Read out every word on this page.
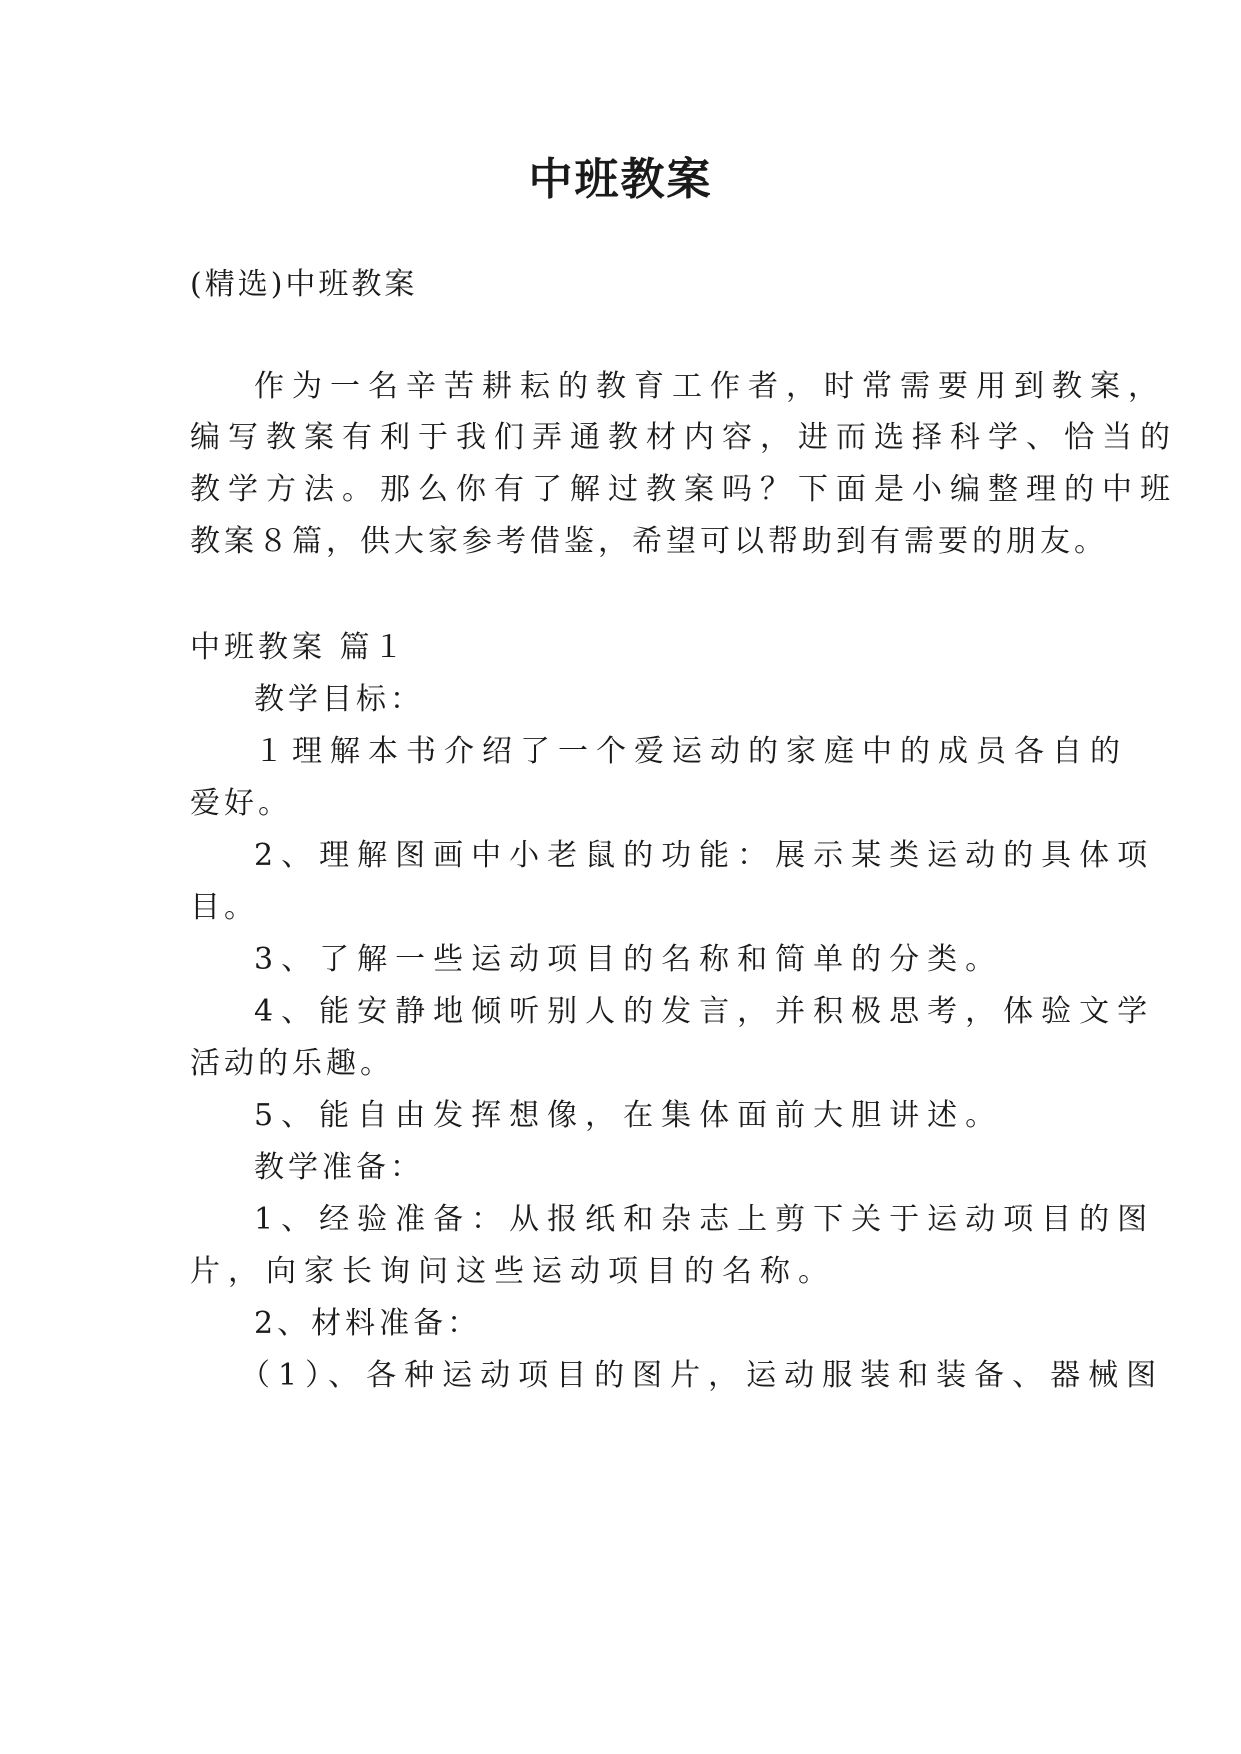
中班教案
(精选)中班教案
作为一名辛苦耕耘的教育工作者，时常需要用到教案，
编写教案有利于我们弄通教材内容，进而选择科学、恰当的
教学方法。那么你有了解过教案吗？下面是小编整理的中班
教案８篇，供大家参考借鉴，希望可以帮助到有需要的朋友。
中班教案 篇１
教学目标：
１理解本书介绍了一个爱运动的家庭中的成员各自的
爱好。
2、理解图画中小老鼠的功能：展示某类运动的具体项
目。
3、了解一些运动项目的名称和简单的分类。
4、能安静地倾听别人的发言，并积极思考，体验文学
活动的乐趣。
5、能自由发挥想像，在集体面前大胆讲述。
教学准备：
1、经验准备：从报纸和杂志上剪下关于运动项目的图
片，向家长询问这些运动项目的名称。
2、材料准备：
（1）、各种运动项目的图片，运动服装和装备、器械图
